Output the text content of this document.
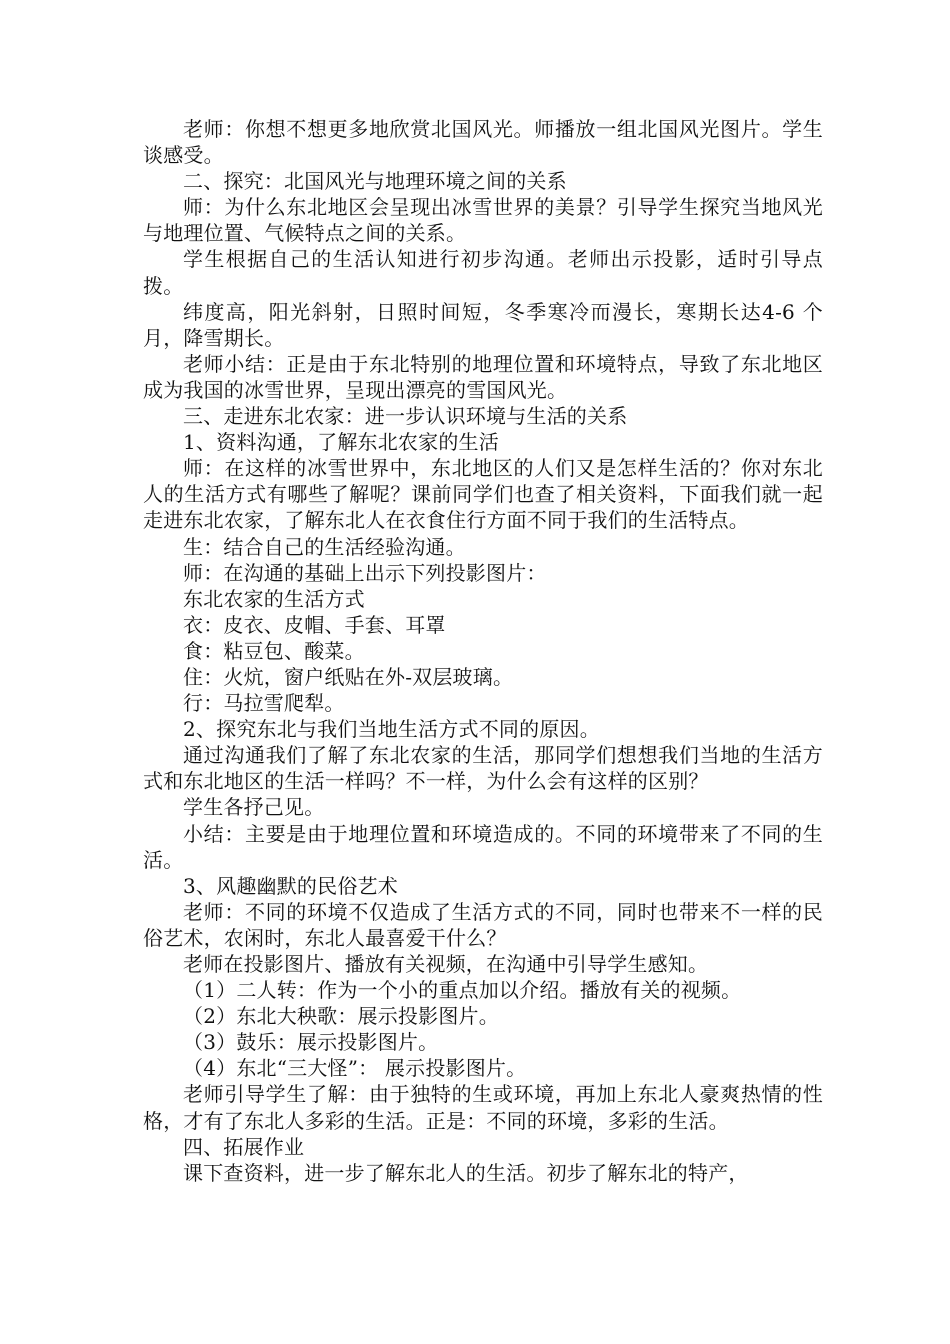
老师：你想不想更多地欣赏北国风光。师播放一组北国风光图片。学生谈感受。

二、探究：北国风光与地理环境之间的关系

师：为什么东北地区会呈现出冰雪世界的美景？引导学生探究当地风光与地理位置、气候特点之间的关系。

学生根据自己的生活认知进行初步沟通。老师出示投影，适时引导点拨。

纬度高，阳光斜射，日照时间短，冬季寒冷而漫长，寒期长达4-6 个月，降雪期长。

老师小结：正是由于东北特别的地理位置和环境特点，导致了东北地区成为我国的冰雪世界，呈现出漂亮的雪国风光。

三、走进东北农家：进一步认识环境与生活的关系

1、资料沟通，了解东北农家的生活

师：在这样的冰雪世界中，东北地区的人们又是怎样生活的？你对东北人的生活方式有哪些了解呢？课前同学们也查了相关资料，下面我们就一起走进东北农家，了解东北人在衣食住行方面不同于我们的生活特点。

生：结合自己的生活经验沟通。

师：在沟通的基础上出示下列投影图片：

东北农家的生活方式

衣：皮衣、皮帽、手套、耳罩

食：粘豆包、酸菜。

住：火炕，窗户纸贴在外-双层玻璃。

行：马拉雪爬犁。

2、探究东北与我们当地生活方式不同的原因。

通过沟通我们了解了东北农家的生活，那同学们想想我们当地的生活方式和东北地区的生活一样吗？不一样，为什么会有这样的区别？

学生各抒己见。

小结：主要是由于地理位置和环境造成的。不同的环境带来了不同的生活。

3、风趣幽默的民俗艺术

老师：不同的环境不仅造成了生活方式的不同，同时也带来不一样的民俗艺术，农闲时，东北人最喜爱干什么？

老师在投影图片、播放有关视频，在沟通中引导学生感知。

（1）二人转：作为一个小的重点加以介绍。播放有关的视频。

（2）东北大秧歌：展示投影图片。

（3）鼓乐：展示投影图片。

（4）东北“三大怪”： 展示投影图片。

老师引导学生了解：由于独特的生或环境，再加上东北人豪爽热情的性格，才有了东北人多彩的生活。正是：不同的环境，多彩的生活。

四、拓展作业

课下查资料，进一步了解东北人的生活。初步了解东北的特产，
